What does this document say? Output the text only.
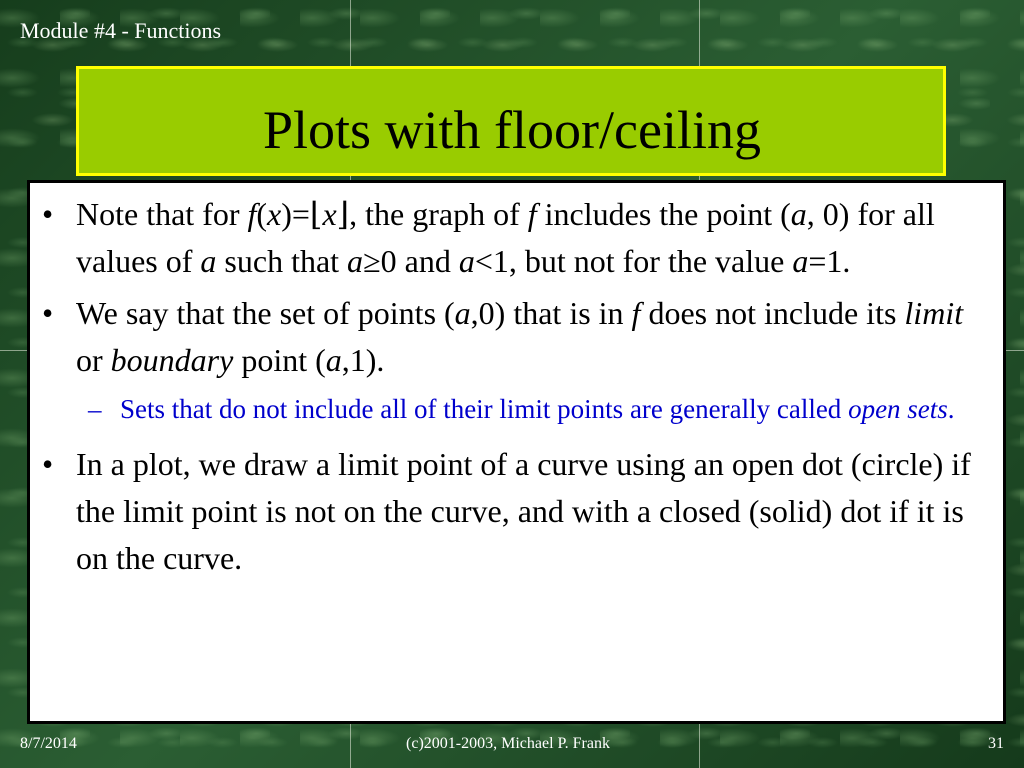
Module #4 - Functions
Plots with floor/ceiling
• Note that for f(x)=⌊x⌋, the graph of f includes the point (a, 0) for all values of a such that a≥0 and a<1, but not for the value a=1.
• We say that the set of points (a,0) that is in f does not include its limit or boundary point (a,1).
– Sets that do not include all of their limit points are generally called open sets.
• In a plot, we draw a limit point of a curve using an open dot (circle) if the limit point is not on the curve, and with a closed (solid) dot if it is on the curve.
8/7/2014	(c)2001-2003, Michael P. Frank	31
